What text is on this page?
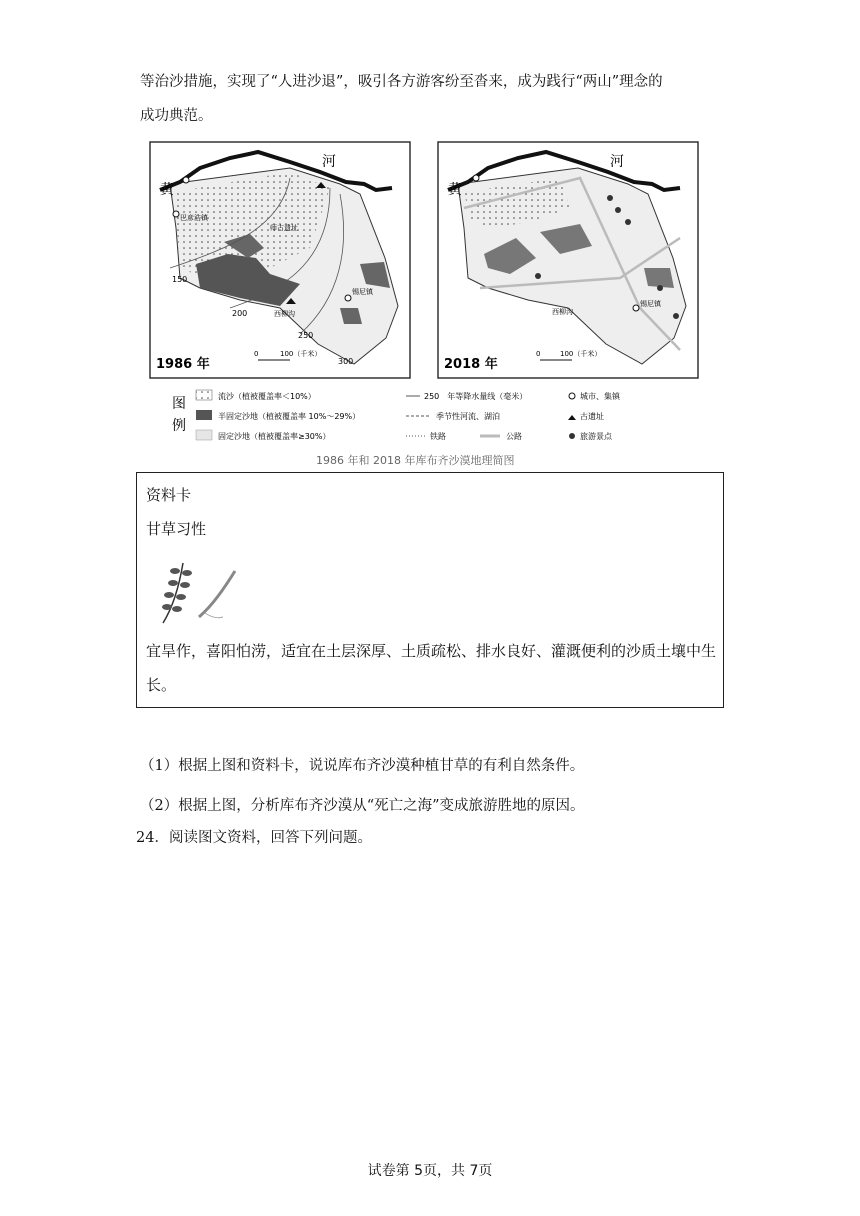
等治沙措施，实现了“人进沙退”，吸引各方游客纷至沓来，成为践行“两山”理念的
成功典范。
黄
河
巴彦浩镇
师古遗址
西柳沟
锡尼镇
150
200
250
300
1986 年
0	100（千米）
黄
河
锡尼镇
西柳沟
2018 年
0	100（千米）
图
例
流沙（植被覆盖率＜10%）
半固定沙地（植被覆盖率 10%～29%）
固定沙地（植被覆盖率≥30%）
250　年等降水量线（毫米）
季节性河流、湖泊
铁路	公路
城市、集镇
古遗址
旅游景点
1986 年和 2018 年库布齐沙漠地理简图
资料卡
甘草习性
宜旱作，喜阳怕涝，适宜在土层深厚、土质疏松、排水良好、灌溉便利的沙质土壤中生
长。
（1）根据上图和资料卡，说说库布齐沙漠种植甘草的有利自然条件。
（2）根据上图，分析库布齐沙漠从“死亡之海”变成旅游胜地的原因。
24．阅读图文资料，回答下列问题。
试卷第 5页，共 7页
